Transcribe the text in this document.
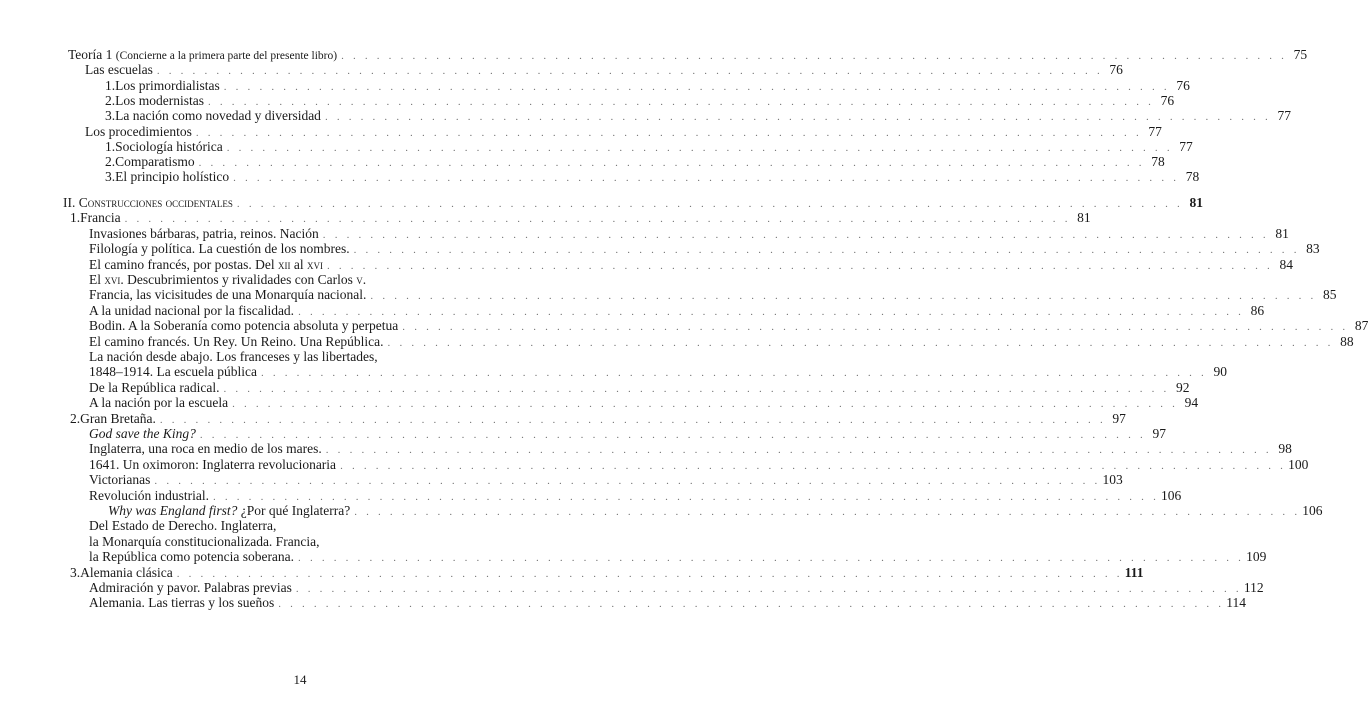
Teoría 1 (Concierne a la primera parte del presente libro) . . . . . . . . . . . . . . . . . . . . . . . . . . . . . . . . . . . . . . . . . . . . . . . . . . . . . . . . . . . . . . . . . . . . . . . . . . . . . . . . 75
Las escuelas . . . . . . . . . . . . . . . . . . . . . . . . . . . . . . . . . . . . . . . . . . . . . . . . . . . . . . . . . . . . . . . . . . . . . . . . . . . . . . . . 76
1. Los primordialistas . . . . . . . . . . . . . . . . . . . . . . . . . . . . . . . . . . . . . . . . . . . . . . . . . . . . . . . . . . . . . . . . . . . . . . . . . . . . . . . . 76
2. Los modernistas . . . . . . . . . . . . . . . . . . . . . . . . . . . . . . . . . . . . . . . . . . . . . . . . . . . . . . . . . . . . . . . . . . . . . . . . . . . . . . . . 76
3. La nación como novedad y diversidad . . . . . . . . . . . . . . . . . . . . . . . . . . . . . . . . . . . . . . . . . . . . . . . . . . . . . . . . . . . . . . . . . . . . . . . . . . . . . . . . 77
Los procedimientos . . . . . . . . . . . . . . . . . . . . . . . . . . . . . . . . . . . . . . . . . . . . . . . . . . . . . . . . . . . . . . . . . . . . . . . . . . . . . . . . 77
1. Sociología histórica . . . . . . . . . . . . . . . . . . . . . . . . . . . . . . . . . . . . . . . . . . . . . . . . . . . . . . . . . . . . . . . . . . . . . . . . . . . . . . . . 77
2. Comparatismo . . . . . . . . . . . . . . . . . . . . . . . . . . . . . . . . . . . . . . . . . . . . . . . . . . . . . . . . . . . . . . . . . . . . . . . . . . . . . . . . 78
3. El principio holístico . . . . . . . . . . . . . . . . . . . . . . . . . . . . . . . . . . . . . . . . . . . . . . . . . . . . . . . . . . . . . . . . . . . . . . . . . . . . . . . . 78
II. Construcciones occidentales . . . . . . . . . . . . . . . . . . . . . . . . . . . . . . . . . . . . . . . . . . . . . . . . . . . . . . . . . . . . . . . . . . . . . . . . . . . . . . . . 81
1. Francia . . . . . . . . . . . . . . . . . . . . . . . . . . . . . . . . . . . . . . . . . . . . . . . . . . . . . . . . . . . . . . . . . . . . . . . . . . . . . . . . 81
Invasiones bárbaras, patria, reinos. Nación . . . . . . . . . . . . . . . . . . . . . . . . . . . . . . . . . . . . . . . . . . . . . . . . . . . . . . . . . . . . . . . . . . . . . . . . . . . . . . . . 81
Filología y política. La cuestión de los nombres. . . . . . . . . . . . . . . . . . . . . . . . . . . . . . . . . . . . . . . . . . . . . . . . . . . . . . . . . . . . . . . . . . . . . . . . . . . . . . . . . 83
El camino francés, por postas. Del xii al xvi . . . . . . . . . . . . . . . . . . . . . . . . . . . . . . . . . . . . . . . . . . . . . . . . . . . . . . . . . . . . . . . . . . . . . . . . . . . . . . . . 84
El xvi. Descubrimientos y rivalidades con Carlos v.
Francia, las vicisitudes de una Monarquía nacional. . . . . . . . . . . . . . . . . . . . . . . . . . . . . . . . . . . . . . . . . . . . . . . . . . . . . . . . . . . . . . . . . . . . . . . . . . . . . . . . . 85
A la unidad nacional por la fiscalidad. . . . . . . . . . . . . . . . . . . . . . . . . . . . . . . . . . . . . . . . . . . . . . . . . . . . . . . . . . . . . . . . . . . . . . . . . . . . . . . . . 86
Bodin. A la Soberanía como potencia absoluta y perpetua . . . . . . . . . . . . . . . . . . . . . . . . . . . . . . . . . . . . . . . . . . . . . . . . . . . . . . . . . . . . . . . . . . . . . . . . . . . . . . . . 87
El camino francés. Un Rey. Un Reino. Una República. . . . . . . . . . . . . . . . . . . . . . . . . . . . . . . . . . . . . . . . . . . . . . . . . . . . . . . . . . . . . . . . . . . . . . . . . . . . . . . . . 88
La nación desde abajo. Los franceses y las libertades,
1848–1914. La escuela pública . . . . . . . . . . . . . . . . . . . . . . . . . . . . . . . . . . . . . . . . . . . . . . . . . . . . . . . . . . . . . . . . . . . . . . . . . . . . . . . . 90
De la República radical. . . . . . . . . . . . . . . . . . . . . . . . . . . . . . . . . . . . . . . . . . . . . . . . . . . . . . . . . . . . . . . . . . . . . . . . . . . . . . . . . 92
A la nación por la escuela . . . . . . . . . . . . . . . . . . . . . . . . . . . . . . . . . . . . . . . . . . . . . . . . . . . . . . . . . . . . . . . . . . . . . . . . . . . . . . . . 94
2. Gran Bretaña. . . . . . . . . . . . . . . . . . . . . . . . . . . . . . . . . . . . . . . . . . . . . . . . . . . . . . . . . . . . . . . . . . . . . . . . . . . . . . . . . 97
God save the King? . . . . . . . . . . . . . . . . . . . . . . . . . . . . . . . . . . . . . . . . . . . . . . . . . . . . . . . . . . . . . . . . . . . . . . . . . . . . . . . . 97
Inglaterra, una roca en medio de los mares. . . . . . . . . . . . . . . . . . . . . . . . . . . . . . . . . . . . . . . . . . . . . . . . . . . . . . . . . . . . . . . . . . . . . . . . . . . . . . . . . 98
1641. Un oximoron: Inglaterra revolucionaria . . . . . . . . . . . . . . . . . . . . . . . . . . . . . . . . . . . . . . . . . . . . . . . . . . . . . . . . . . . . . . . . . . . . . . . . . . . . . . . . 100
Victorianas . . . . . . . . . . . . . . . . . . . . . . . . . . . . . . . . . . . . . . . . . . . . . . . . . . . . . . . . . . . . . . . . . . . . . . . . . . . . . . . . 103
Revolución industrial. . . . . . . . . . . . . . . . . . . . . . . . . . . . . . . . . . . . . . . . . . . . . . . . . . . . . . . . . . . . . . . . . . . . . . . . . . . . . . . . . 106
Why was England first? ¿Por qué Inglaterra? . . . . . . . . . . . . . . . . . . . . . . . . . . . . . . . . . . . . . . . . . . . . . . . . . . . . . . . . . . . . . . . . . . . . . . . . . . . . . . . . 106
Del Estado de Derecho. Inglaterra,
la Monarquía constitucionalizada. Francia,
la República como potencia soberana. . . . . . . . . . . . . . . . . . . . . . . . . . . . . . . . . . . . . . . . . . . . . . . . . . . . . . . . . . . . . . . . . . . . . . . . . . . . . . . . . 109
3. Alemania clásica . . . . . . . . . . . . . . . . . . . . . . . . . . . . . . . . . . . . . . . . . . . . . . . . . . . . . . . . . . . . . . . . . . . . . . . . . . . . . . . . 111
Admiración y pavor. Palabras previas . . . . . . . . . . . . . . . . . . . . . . . . . . . . . . . . . . . . . . . . . . . . . . . . . . . . . . . . . . . . . . . . . . . . . . . . . . . . . . . . 112
Alemania. Las tierras y los sueños . . . . . . . . . . . . . . . . . . . . . . . . . . . . . . . . . . . . . . . . . . . . . . . . . . . . . . . . . . . . . . . . . . . . . . . . . . . . . . . . 114
14
